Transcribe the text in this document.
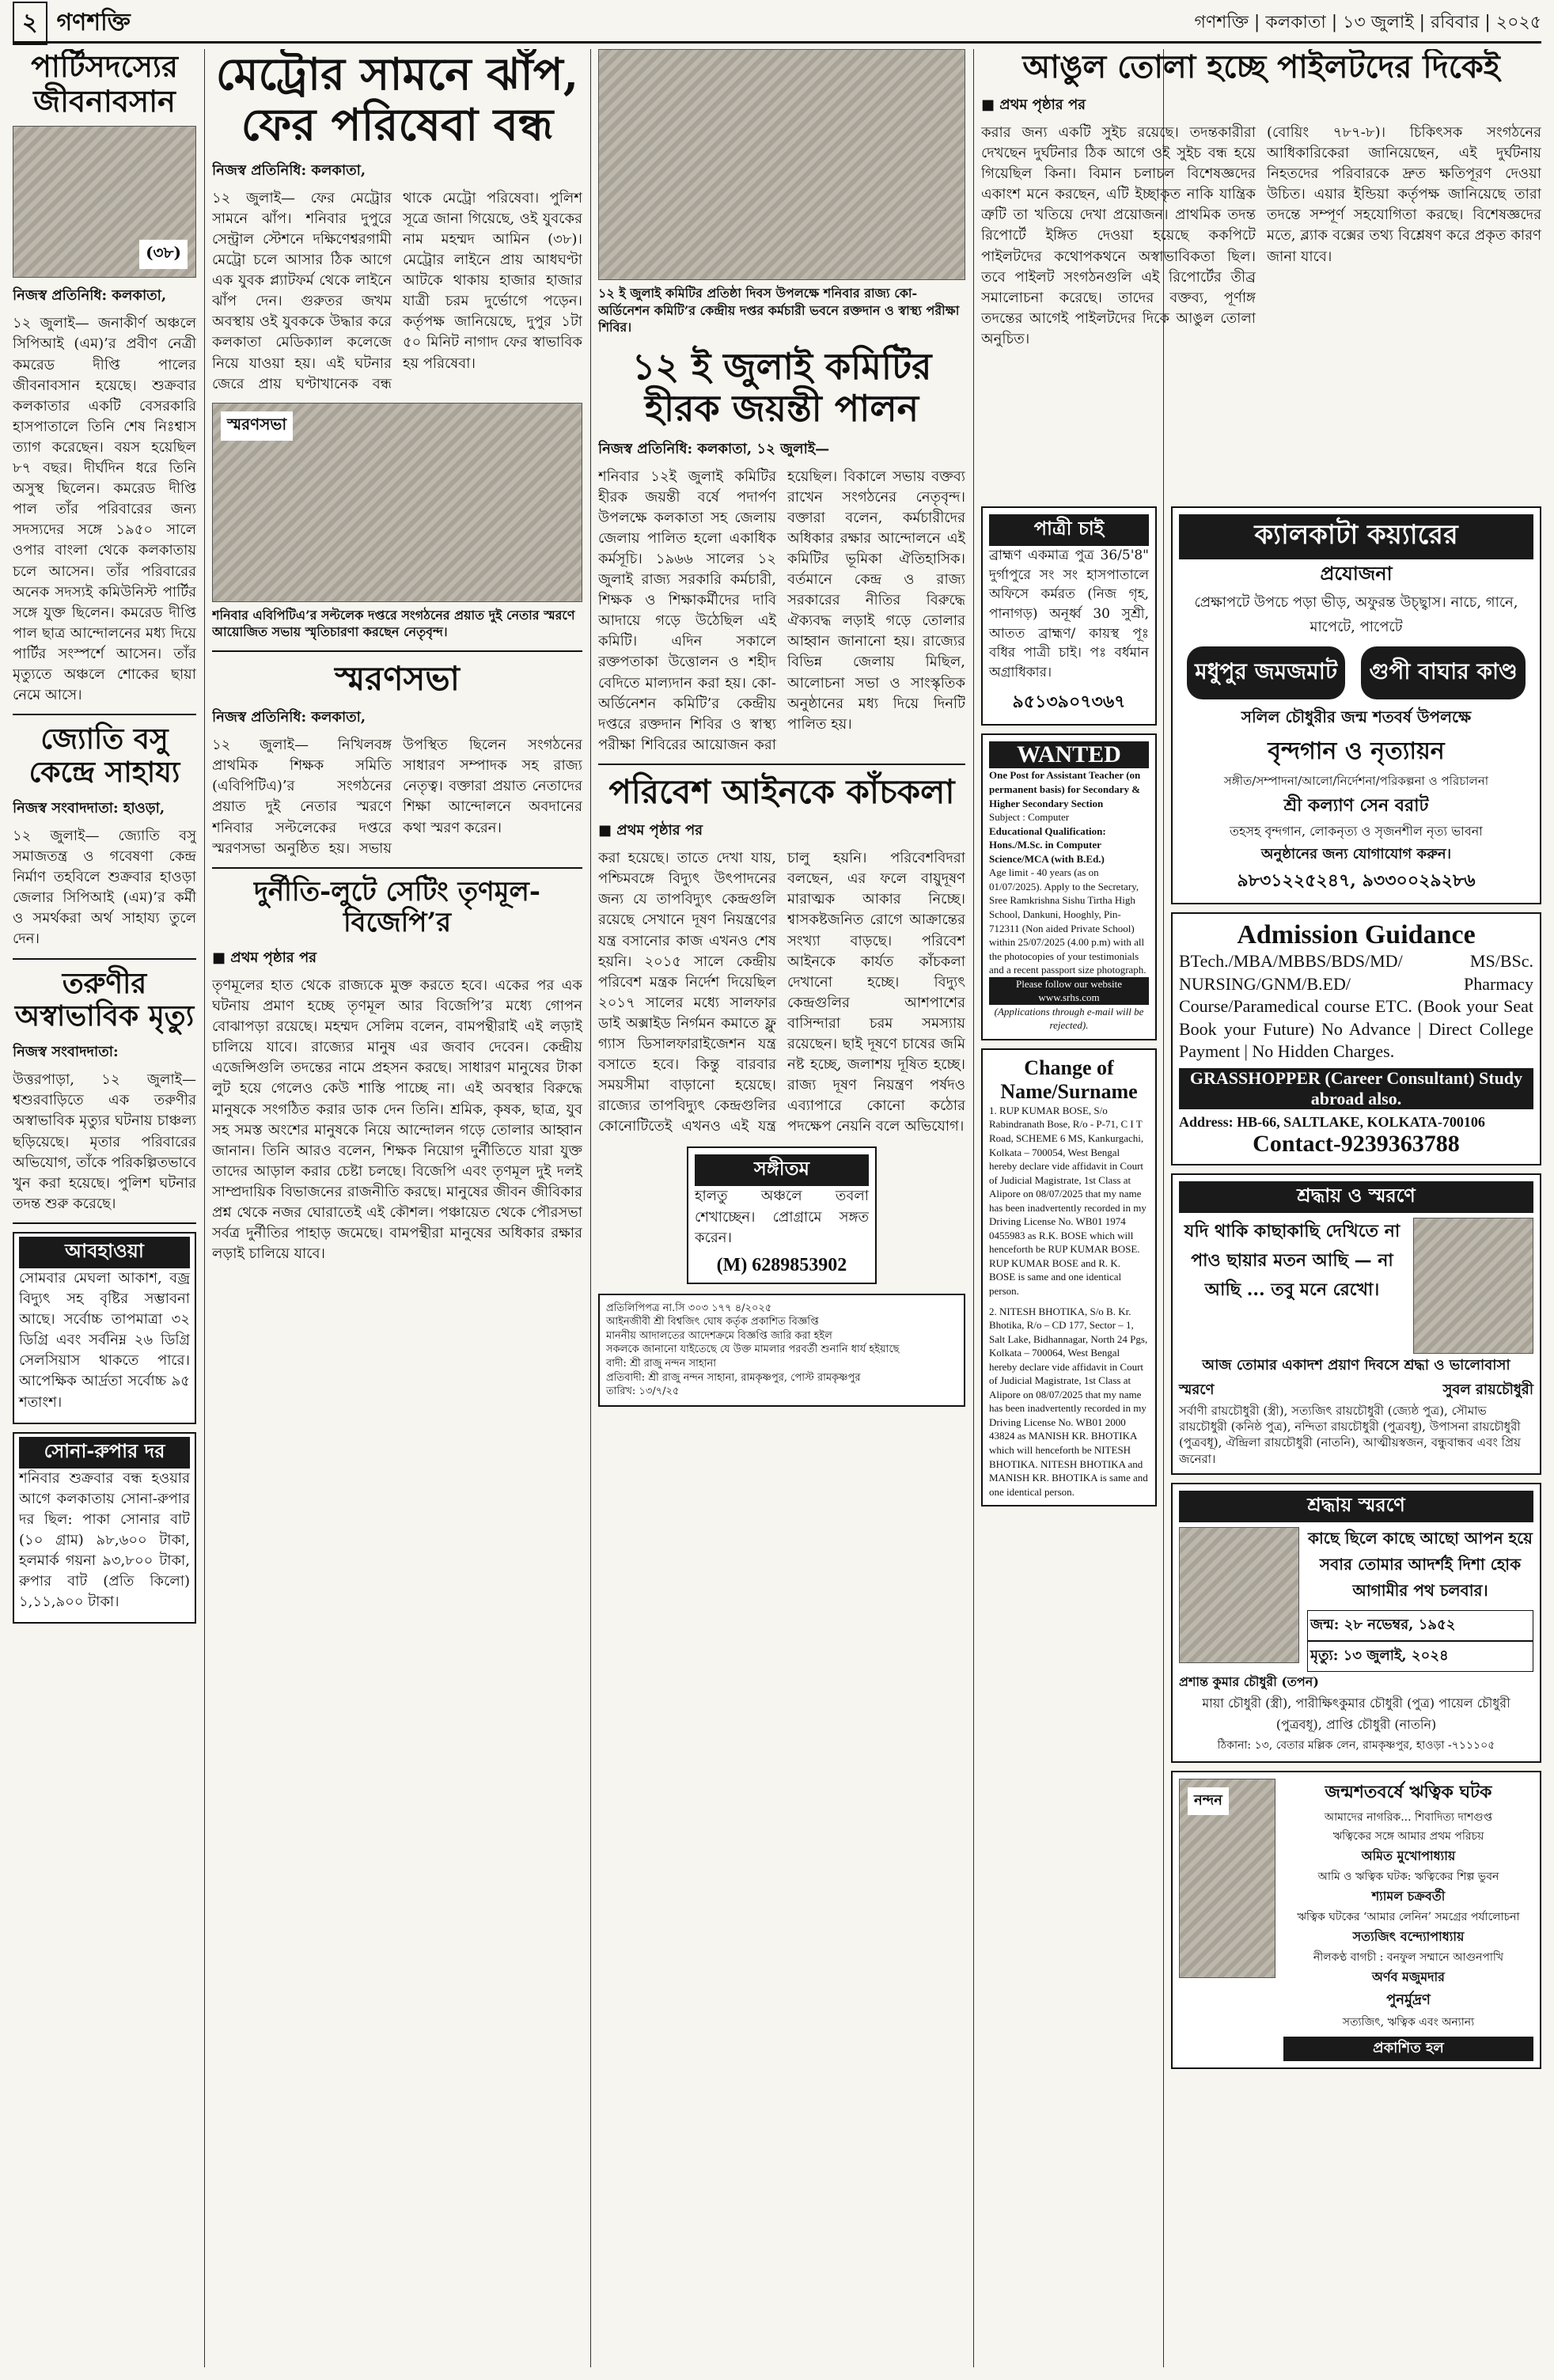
২ গণশক্তি	গণশক্তি | কলকাতা | ১৩ জুলাই | রবিবার | ২০২৫
পার্টিসদস্যের জীবনাবসান
(৩৮)
নিজস্ব প্রতিনিধি: কলকাতা,
১২ জুলাই— জনাকীর্ণ অঞ্চলে সিপিআই (এম)’র প্রবীণ নেত্রী কমরেড দীপ্তি পালের জীবনাবসান হয়েছে। শুক্রবার কলকাতার একটি বেসরকারি হাসপাতালে তিনি শেষ নিঃশ্বাস ত্যাগ করেছেন। বয়স হয়েছিল ৮৭ বছর। দীর্ঘদিন ধরে তিনি অসুস্থ ছিলেন। কমরেড দীপ্তি পাল তাঁর পরিবারের জন্য সদস্যদের সঙ্গে ১৯৫০ সালে ওপার বাংলা থেকে কলকাতায় চলে আসেন। তাঁর পরিবারের অনেক সদস্যই কমিউনিস্ট পার্টির সঙ্গে যুক্ত ছিলেন। কমরেড দীপ্তি পাল ছাত্র আন্দোলনের মধ্য দিয়ে পার্টির সংস্পর্শে আসেন। তাঁর মৃত্যুতে অঞ্চলে শোকের ছায়া নেমে আসে।
জ্যোতি বসু কেন্দ্রে সাহায্য
নিজস্ব সংবাদদাতা: হাওড়া,
১২ জুলাই— জ্যোতি বসু সমাজতন্ত্র ও গবেষণা কেন্দ্র নির্মাণ তহবিলে শুক্রবার হাওড়া জেলার সিপিআই (এম)’র কর্মী ও সমর্থকরা অর্থ সাহায্য তুলে দেন।
তরুণীর অস্বাভাবিক মৃত্যু
নিজস্ব সংবাদদাতা:
উত্তরপাড়া, ১২ জুলাই— শ্বশুরবাড়িতে এক তরুণীর অস্বাভাবিক মৃত্যুর ঘটনায় চাঞ্চল্য ছড়িয়েছে। মৃতার পরিবারের অভিযোগ, তাঁকে পরিকল্পিতভাবে খুন করা হয়েছে। পুলিশ ঘটনার তদন্ত শুরু করেছে।
আবহাওয়া
সোমবার মেঘলা আকাশ, বজ্র বিদ্যুৎ সহ বৃষ্টির সম্ভাবনা আছে। সর্বোচ্চ তাপমাত্রা ৩২ ডিগ্রি এবং সর্বনিম্ন ২৬ ডিগ্রি সেলসিয়াস থাকতে পারে। আপেক্ষিক আর্দ্রতা সর্বোচ্চ ৯৫ শতাংশ।
সোনা-রুপার দর
শনিবার শুক্রবার বন্ধ হওয়ার আগে কলকাতায় সোনা-রুপার দর ছিল: পাকা সোনার বাট (১০ গ্রাম) ৯৮,৬০০ টাকা, হলমার্ক গয়না ৯৩,৮০০ টাকা, রুপার বাট (প্রতি কিলো) ১,১১,৯০০ টাকা।
মেট্রোর সামনে ঝাঁপ, ফের পরিষেবা বন্ধ
নিজস্ব প্রতিনিধি: কলকাতা,
১২ জুলাই— ফের মেট্রোর সামনে ঝাঁপ। শনিবার দুপুরে সেন্ট্রাল স্টেশনে দক্ষিণেশ্বরগামী মেট্রো চলে আসার ঠিক আগে এক যুবক প্ল্যাটফর্ম থেকে লাইনে ঝাঁপ দেন। গুরুতর জখম অবস্থায় ওই যুবককে উদ্ধার করে কলকাতা মেডিক্যাল কলেজে নিয়ে যাওয়া হয়। এই ঘটনার জেরে প্রায় ঘণ্টাখানেক বন্ধ থাকে মেট্রো পরিষেবা। পুলিশ সূত্রে জানা গিয়েছে, ওই যুবকের নাম মহম্মদ আমিন (৩৮)। মেট্রোর লাইনে প্রায় আধঘণ্টা আটকে থাকায় হাজার হাজার যাত্রী চরম দুর্ভোগে পড়েন। কর্তৃপক্ষ জানিয়েছে, দুপুর ১টা ৫০ মিনিট নাগাদ ফের স্বাভাবিক হয় পরিষেবা।
স্মরণসভা
শনিবার এবিপিটিএ’র সল্টলেক দপ্তরে সংগঠনের প্রয়াত দুই নেতার স্মরণে আয়োজিত সভায় স্মৃতিচারণা করছেন নেতৃবৃন্দ।
স্মরণসভা
নিজস্ব প্রতিনিধি: কলকাতা,
১২ জুলাই— নিখিলবঙ্গ প্রাথমিক শিক্ষক সমিতি (এবিপিটিএ)’র সংগঠনের প্রয়াত দুই নেতার স্মরণে শনিবার সল্টলেকের দপ্তরে স্মরণসভা অনুষ্ঠিত হয়। সভায় উপস্থিত ছিলেন সংগঠনের সাধারণ সম্পাদক সহ রাজ্য নেতৃত্ব। বক্তারা প্রয়াত নেতাদের শিক্ষা আন্দোলনে অবদানের কথা স্মরণ করেন।
দুর্নীতি-লুটে সেটিং তৃণমূল-বিজেপি’র
■ প্রথম পৃষ্ঠার পর
তৃণমূলের হাত থেকে রাজ্যকে মুক্ত করতে হবে। একের পর এক ঘটনায় প্রমাণ হচ্ছে তৃণমূল আর বিজেপি’র মধ্যে গোপন বোঝাপড়া রয়েছে। মহম্মদ সেলিম বলেন, বামপন্থীরাই এই লড়াই চালিয়ে যাবে। রাজ্যের মানুষ এর জবাব দেবেন। কেন্দ্রীয় এজেন্সিগুলি তদন্তের নামে প্রহসন করছে। সাধারণ মানুষের টাকা লুট হয়ে গেলেও কেউ শাস্তি পাচ্ছে না। এই অবস্থার বিরুদ্ধে মানুষকে সংগঠিত করার ডাক দেন তিনি। শ্রমিক, কৃষক, ছাত্র, যুব সহ সমস্ত অংশের মানুষকে নিয়ে আন্দোলন গড়ে তোলার আহ্বান জানান। তিনি আরও বলেন, শিক্ষক নিয়োগ দুর্নীতিতে যারা যুক্ত তাদের আড়াল করার চেষ্টা চলছে। বিজেপি এবং তৃণমূল দুই দলই সাম্প্রদায়িক বিভাজনের রাজনীতি করছে। মানুষের জীবন জীবিকার প্রশ্ন থেকে নজর ঘোরাতেই এই কৌশল। পঞ্চায়েত থেকে পৌরসভা সর্বত্র দুর্নীতির পাহাড় জমেছে। বামপন্থীরা মানুষের অধিকার রক্ষার লড়াই চালিয়ে যাবে।
১২ ই জুলাই কমিটির প্রতিষ্ঠা দিবস উপলক্ষে শনিবার রাজ্য কো-অর্ডিনেশন কমিটি’র কেন্দ্রীয় দপ্তর কর্মচারী ভবনে রক্তদান ও স্বাস্থ্য পরীক্ষা শিবির।
১২ ই জুলাই কমিটির হীরক জয়ন্তী পালন
নিজস্ব প্রতিনিধি: কলকাতা, ১২ জুলাই—
শনিবার ১২ই জুলাই কমিটির হীরক জয়ন্তী বর্ষে পদার্পণ উপলক্ষে কলকাতা সহ জেলায় জেলায় পালিত হলো একাধিক কর্মসূচি। ১৯৬৬ সালের ১২ জুলাই রাজ্য সরকারি কর্মচারী, শিক্ষক ও শিক্ষাকর্মীদের দাবি আদায়ে গড়ে উঠেছিল এই কমিটি। এদিন সকালে রক্তপতাকা উত্তোলন ও শহীদ বেদিতে মাল্যদান করা হয়। কো-অর্ডিনেশন কমিটি’র কেন্দ্রীয় দপ্তরে রক্তদান শিবির ও স্বাস্থ্য পরীক্ষা শিবিরের আয়োজন করা হয়েছিল। বিকালে সভায় বক্তব্য রাখেন সংগঠনের নেতৃবৃন্দ। বক্তারা বলেন, কর্মচারীদের অধিকার রক্ষার আন্দোলনে এই কমিটির ভূমিকা ঐতিহাসিক। বর্তমানে কেন্দ্র ও রাজ্য সরকারের নীতির বিরুদ্ধে ঐক্যবদ্ধ লড়াই গড়ে তোলার আহ্বান জানানো হয়। রাজ্যের বিভিন্ন জেলায় মিছিল, আলোচনা সভা ও সাংস্কৃতিক অনুষ্ঠানের মধ্য দিয়ে দিনটি পালিত হয়।
পরিবেশ আইনকে কাঁচকলা
■ প্রথম পৃষ্ঠার পর
করা হয়েছে। তাতে দেখা যায়, পশ্চিমবঙ্গে বিদ্যুৎ উৎপাদনের জন্য যে তাপবিদ্যুৎ কেন্দ্রগুলি রয়েছে সেখানে দূষণ নিয়ন্ত্রণের যন্ত্র বসানোর কাজ এখনও শেষ হয়নি। ২০১৫ সালে কেন্দ্রীয় পরিবেশ মন্ত্রক নির্দেশ দিয়েছিল ২০১৭ সালের মধ্যে সালফার ডাই অক্সাইড নির্গমন কমাতে ফ্লু গ্যাস ডিসালফারাইজেশন যন্ত্র বসাতে হবে। কিন্তু বারবার সময়সীমা বাড়ানো হয়েছে। রাজ্যের তাপবিদ্যুৎ কেন্দ্রগুলির কোনোটিতেই এখনও এই যন্ত্র চালু হয়নি। পরিবেশবিদরা বলছেন, এর ফলে বায়ুদূষণ মারাত্মক আকার নিচ্ছে। শ্বাসকষ্টজনিত রোগে আক্রান্তের সংখ্যা বাড়ছে। পরিবেশ আইনকে কার্যত কাঁচকলা দেখানো হচ্ছে। বিদ্যুৎ কেন্দ্রগুলির আশপাশের বাসিন্দারা চরম সমস্যায় রয়েছেন। ছাই দূষণে চাষের জমি নষ্ট হচ্ছে, জলাশয় দূষিত হচ্ছে। রাজ্য দূষণ নিয়ন্ত্রণ পর্ষদও এব্যাপারে কোনো কঠোর পদক্ষেপ নেয়নি বলে অভিযোগ।
সঙ্গীতম
হালতু অঞ্চলে তবলা শেখাচ্ছেন। প্রোগ্রামে সঙ্গত করেন।
(M) 6289853902
প্রতিলিপিপত্র না.সি ৩০৩ ১৭৭ ৪/২০২৫
আইনজীবী শ্রী বিশ্বজিৎ ঘোষ কর্তৃক প্রকাশিত বিজ্ঞপ্তি
মাননীয় আদালতের আদেশক্রমে বিজ্ঞপ্তি জারি করা হইল
সকলকে জানানো যাইতেছে যে উক্ত মামলার পরবর্তী শুনানি ধার্য হইয়াছে
বাদী: শ্রী রাজু নন্দন সাহানা
প্রতিবাদী: শ্রী রাজু নন্দন সাহানা, রামকৃষ্ণপুর, পোস্ট রামকৃষ্ণপুর
তারিখ: ১৩/৭/২৫
আঙুল তোলা হচ্ছে পাইলটদের দিকেই
■ প্রথম পৃষ্ঠার পর
করার জন্য একটি সুইচ রয়েছে। তদন্তকারীরা দেখছেন দুর্ঘটনার ঠিক আগে ওই সুইচ বন্ধ হয়ে গিয়েছিল কিনা। বিমান চলাচল বিশেষজ্ঞদের একাংশ মনে করছেন, এটি ইচ্ছাকৃত নাকি যান্ত্রিক ত্রুটি তা খতিয়ে দেখা প্রয়োজন। প্রাথমিক তদন্ত রিপোর্টে ইঙ্গিত দেওয়া হয়েছে ককপিটে পাইলটদের কথোপকথনে অস্বাভাবিকতা ছিল। তবে পাইলট সংগঠনগুলি এই রিপোর্টের তীব্র সমালোচনা করেছে। তাদের বক্তব্য, পূর্ণাঙ্গ তদন্তের আগেই পাইলটদের দিকে আঙুল তোলা অনুচিত।
(বোয়িং ৭৮৭-৮)। চিকিৎসক সংগঠনের আধিকারিকেরা জানিয়েছেন, এই দুর্ঘটনায় নিহতদের পরিবারকে দ্রুত ক্ষতিপূরণ দেওয়া উচিত। এয়ার ইন্ডিয়া কর্তৃপক্ষ জানিয়েছে তারা তদন্তে সম্পূর্ণ সহযোগিতা করছে। বিশেষজ্ঞদের মতে, ব্ল্যাক বক্সের তথ্য বিশ্লেষণ করে প্রকৃত কারণ জানা যাবে।
পাত্রী চাই
ব্রাহ্মণ একমাত্র পুত্র 36/5'8" দুর্গাপুরে সং সং হাসপাতালে অফিসে কর্মরত (নিজ গৃহ, পানাগড়) অনূর্ধ্ব 30 সুশ্রী, আতত ব্রাহ্মণ/ কায়স্থ পূঃ বধির পাত্রী চাই। পঃ বর্ধমান অগ্রাধিকার।
৯৫১৩৯০৭৩৬৭
WANTED
One Post for Assistant Teacher (on permanent basis) for Secondary & Higher Secondary Section
Subject : Computer
Educational Qualification: Hons./M.Sc. in Computer Science/MCA (with B.Ed.)
Age limit - 40 years (as on 01/07/2025). Apply to the Secretary, Sree Ramkrishna Sishu Tirtha High School, Dankuni, Hooghly, Pin-712311 (Non aided Private School) within 25/07/2025 (4.00 p.m) with all the photocopies of your testimonials and a recent passport size photograph.
Please follow our website www.srhs.com
(Applications through e-mail will be rejected).
Change of Name/Surname
1. RUP KUMAR BOSE, S/o Rabindranath Bose, R/o - P-71, C I T Road, SCHEME 6 MS, Kankurgachi, Kolkata – 700054, West Bengal hereby declare vide affidavit in Court of Judicial Magistrate, 1st Class at Alipore on 08/07/2025 that my name has been inadvertently recorded in my Driving License No. WB01 1974 0455983 as R.K. BOSE which will henceforth be RUP KUMAR BOSE. RUP KUMAR BOSE and R. K. BOSE is same and one identical person.
2. NITESH BHOTIKA, S/o B. Kr. Bhotika, R/o – CD 177, Sector – 1, Salt Lake, Bidhannagar, North 24 Pgs, Kolkata – 700064, West Bengal hereby declare vide affidavit in Court of Judicial Magistrate, 1st Class at Alipore on 08/07/2025 that my name has been inadvertently recorded in my Driving License No. WB01 2000 43824 as MANISH KR. BHOTIKA which will henceforth be NITESH BHOTIKA. NITESH BHOTIKA and MANISH KR. BHOTIKA is same and one identical person.
ক্যালকাটা কয়্যারের
প্রযোজনা
প্রেক্ষাপটে উপচে পড়া ভীড়, অফুরন্ত উচ্ছ্বাস। নাচে, গানে, মাপেটে, পাপেটে
মধুপুর জমজমাট	গুপী বাঘার কাণ্ড
সলিল চৌধুরীর জন্ম শতবর্ষ উপলক্ষে
বৃন্দগান ও নৃত্যায়ন
সঙ্গীত/সম্পাদনা/আলো/নির্দেশনা/পরিকল্পনা ও পরিচালনা
শ্রী কল্যাণ সেন বরাট
তহসহ বৃন্দগান, লোকনৃত্য ও সৃজনশীল নৃত্য ভাবনা
অনুষ্ঠানের জন্য যোগাযোগ করুন।
৯৮৩১২২৫২৪৭, ৯৩৩০০২৯২৮৬
Admission Guidance
BTech./MBA/MBBS/BDS/MD/ MS/BSc. NURSING/GNM/B.ED/ Pharmacy Course/Paramedical course ETC. (Book your Seat Book your Future) No Advance | Direct College Payment | No Hidden Charges.
GRASSHOPPER (Career Consultant) Study abroad also.
Address: HB-66, SALTLAKE, KOLKATA-700106
Contact-9239363788
শ্রদ্ধায় ও স্মরণে
যদি থাকি কাছাকাছি দেখিতে না পাও ছায়ার মতন আছি — না আছি ... তবু মনে রেখো।
আজ তোমার একাদশ প্রয়াণ দিবসে শ্রদ্ধা ও ভালোবাসা
স্মরণে	সুবল রায়চৌধুরী
সর্বাণী রায়চৌধুরী (স্ত্রী), সত্যজিৎ রায়চৌধুরী (জ্যেষ্ঠ পুত্র), সৌমাভ রায়চৌধুরী (কনিষ্ঠ পুত্র), নন্দিতা রায়চৌধুরী (পুত্রবধূ), উপাসনা রায়চৌধুরী (পুত্রবধূ), ঐন্দ্রিলা রায়চৌধুরী (নাতনি), আত্মীয়স্বজন, বন্ধুবান্ধব এবং প্রিয় জনেরা।
শ্রদ্ধায় স্মরণে
কাছে ছিলে কাছে আছো আপন হয়ে সবার তোমার আদর্শই দিশা হোক আগামীর পথ চলবার।
জন্ম: ২৮ নভেম্বর, ১৯৫২
মৃত্যু: ১৩ জুলাই, ২০২৪
প্রশান্ত কুমার চৌধুরী (তপন)
মায়া চৌধুরী (স্ত্রী), পারীক্ষিৎকুমার চৌধুরী (পুত্র) পায়েল চৌধুরী (পুত্রবধূ), প্রাপ্তি চৌধুরী (নাতনি)
ঠিকানা: ১৩, বেতার মল্লিক লেন, রামকৃষ্ণপুর, হাওড়া -৭১১১০৫
নন্দন	জন্মশতবর্ষে ঋত্বিক ঘটক
আমাদের নাগরিক... শিবাদিত্য দাশগুপ্ত
ঋত্বিকের সঙ্গে আমার প্রথম পরিচয়
অমিত মুখোপাধ্যায়
আমি ও ঋত্বিক ঘটক: ঋত্বিকের শিল্প ভুবন
শ্যামল চক্রবর্তী
ঋত্বিক ঘটকের ‘আমার লেনিন’ সমগ্রের পর্যালোচনা
সত্যজিৎ বন্দ্যোপাধ্যায়
নীলকণ্ঠ বাগচী : বনফুল সম্মানে আগুনপাখি
অর্ণব মজুমদার
পুনর্মুদ্রণ
সত্যজিৎ, ঋত্বিক এবং অন্যান্য
প্রকাশিত হল
